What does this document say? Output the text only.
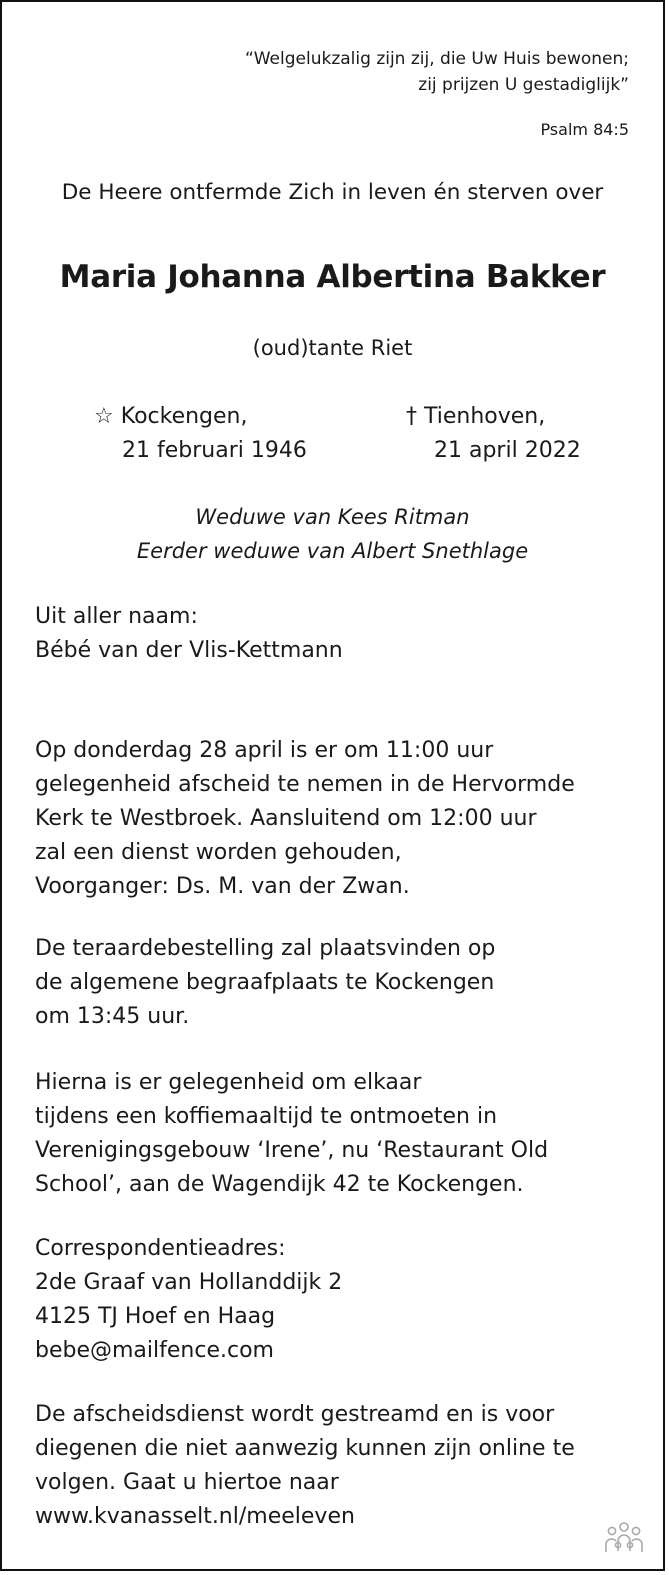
“Welgelukzalig zijn zij, die Uw Huis bewonen;
zij prijzen U gestadiglijk”
Psalm 84:5
De Heere ontfermde Zich in leven én sterven over
Maria Johanna Albertina Bakker
(oud)tante Riet
☆ Kockengen,
21 februari 1946
† Tienhoven,
21 april 2022
Weduwe van Kees Ritman
Eerder weduwe van Albert Snethlage
Uit aller naam:
Bébé van der Vlis-Kettmann
Op donderdag 28 april is er om 11:00 uur
gelegenheid afscheid te nemen in de Hervormde
Kerk te Westbroek. Aansluitend om 12:00 uur
zal een dienst worden gehouden,
Voorganger: Ds. M. van der Zwan.
De teraardebestelling zal plaatsvinden op
de algemene begraafplaats te Kockengen
om 13:45 uur.
Hierna is er gelegenheid om elkaar
tijdens een koffiemaaltijd te ontmoeten in
Verenigingsgebouw ‘Irene’, nu ‘Restaurant Old
School’, aan de Wagendijk 42 te Kockengen.
Correspondentieadres:
2de Graaf van Hollanddijk 2
4125 TJ Hoef en Haag
bebe@mailfence.com
De afscheidsdienst wordt gestreamd en is voor
diegenen die niet aanwezig kunnen zijn online te
volgen. Gaat u hiertoe naar
www.kvanasselt.nl/meeleven
